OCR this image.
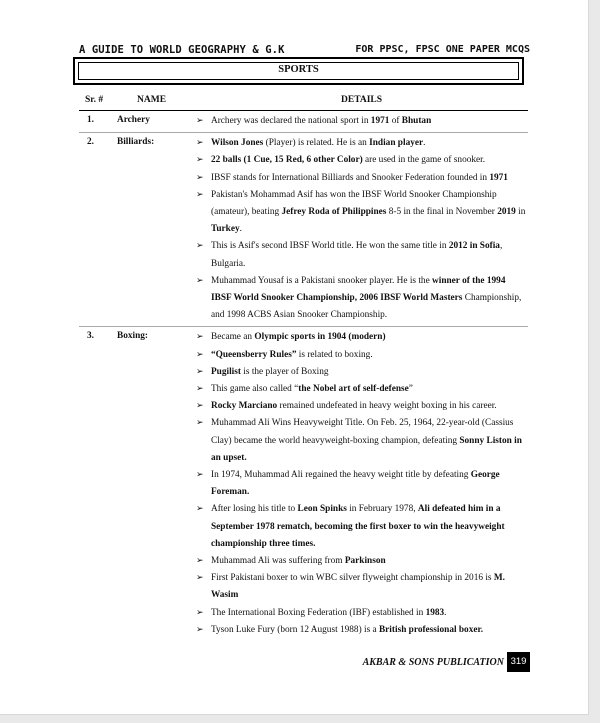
A GUIDE TO WORLD GEOGRAPHY & G.K	FOR PPSC, FPSC ONE PAPER MCQS
SPORTS
Sr. #	NAME	DETAILS
1. Archery	➢ Archery was declared the national sport in 1971 of Bhutan
2. Billiards:	➢ Wilson Jones (Player) is related. He is an Indian player.
➢ 22 balls (1 Cue, 15 Red, 6 other Color) are used in the game of snooker.
➢ IBSF stands for International Billiards and Snooker Federation founded in 1971
➢ Pakistan's Mohammad Asif has won the IBSF World Snooker Championship (amateur), beating Jefrey Roda of Philippines 8-5 in the final in November 2019 in Turkey.
➢ This is Asif's second IBSF World title. He won the same title in 2012 in Sofia, Bulgaria.
➢ Muhammad Yousaf is a Pakistani snooker player. He is the winner of the 1994 IBSF World Snooker Championship, 2006 IBSF World Masters Championship, and 1998 ACBS Asian Snooker Championship.
3. Boxing:	➢ Became an Olympic sports in 1904 (modern)
➢ “Queensberry Rules” is related to boxing.
➢ Pugilist is the player of Boxing
➢ This game also called “the Nobel art of self-defense”
➢ Rocky Marciano remained undefeated in heavy weight boxing in his career.
➢ Muhammad Ali Wins Heavyweight Title. On Feb. 25, 1964, 22-year-old (Cassius Clay) became the world heavyweight-boxing champion, defeating Sonny Liston in an upset.
➢ In 1974, Muhammad Ali regained the heavy weight title by defeating George Foreman.
➢ After losing his title to Leon Spinks in February 1978, Ali defeated him in a September 1978 rematch, becoming the first boxer to win the heavyweight championship three times.
➢ Muhammad Ali was suffering from Parkinson
➢ First Pakistani boxer to win WBC silver flyweight championship in 2016 is M. Wasim
➢ The International Boxing Federation (IBF) established in 1983.
➢ Tyson Luke Fury (born 12 August 1988) is a British professional boxer.
AKBAR & SONS PUBLICATION 319
